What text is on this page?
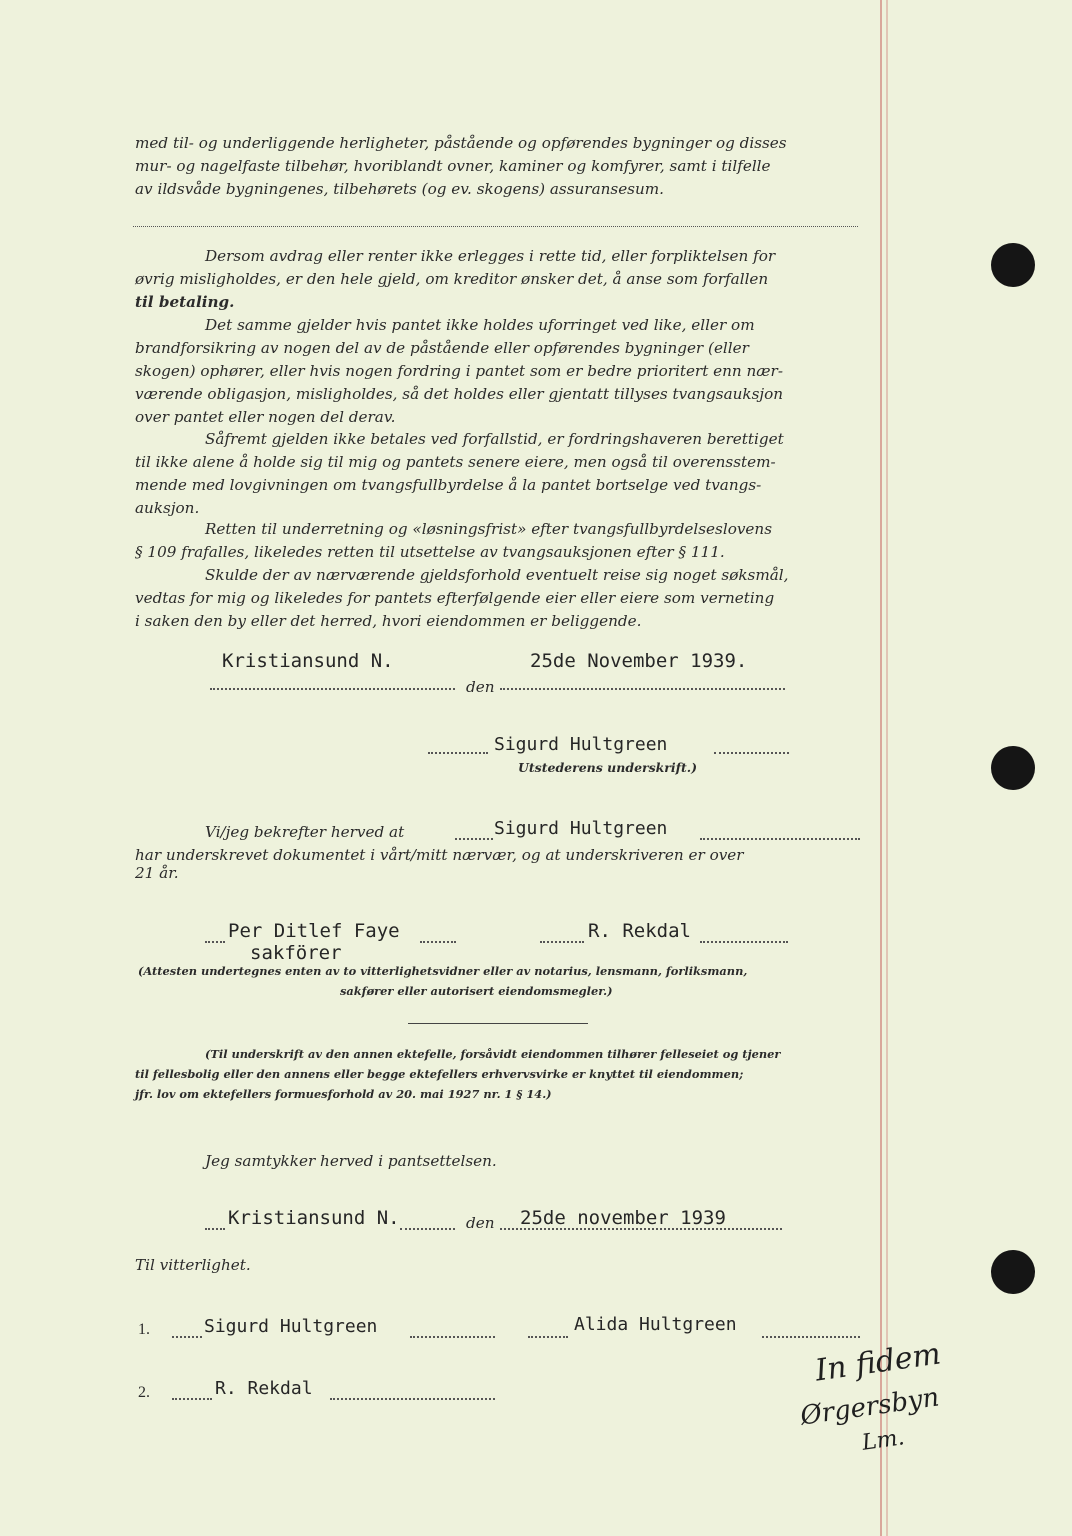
med til- og underliggende herligheter, påstående og opførendes bygninger og disses
mur- og nagelfaste tilbehør, hvoriblandt ovner, kaminer og komfyrer, samt i tilfelle
av ildsvåde bygningenes, tilbehørets (og ev. skogens) assuransesum.
Dersom avdrag eller renter ikke erlegges i rette tid, eller forpliktelsen for
øvrig misligholdes, er den hele gjeld, om kreditor ønsker det, å anse som forfallen
til betaling.
Det samme gjelder hvis pantet ikke holdes uforringet ved like, eller om
brandforsikring av nogen del av de påstående eller opførendes bygninger (eller
skogen) ophører, eller hvis nogen fordring i pantet som er bedre prioritert enn nær-
værende obligasjon, misligholdes, så det holdes eller gjentatt tillyses tvangsauksjon
over pantet eller nogen del derav.
Såfremt gjelden ikke betales ved forfallstid, er fordringshaveren berettiget
til ikke alene å holde sig til mig og pantets senere eiere, men også til overensstem-
mende med lovgivningen om tvangsfullbyrdelse å la pantet bortselge ved tvangs-
auksjon.
Retten til underretning og «løsningsfrist» efter tvangsfullbyrdelseslovens
§ 109 frafalles, likeledes retten til utsettelse av tvangsauksjonen efter § 111.
Skulde der av nærværende gjeldsforhold eventuelt reise sig noget søksmål,
vedtas for mig og likeledes for pantets efterfølgende eier eller eiere som verneting
i saken den by eller det herred, hvori eiendommen er beliggende.
Kristiansund N.	25de November 1939.
den
Sigurd Hultgreen
Utstederens underskrift.)
Vi/jeg bekrefter herved at	Sigurd Hultgreen
har underskrevet dokumentet i vårt/mitt nærvær, og at underskriveren er over
21 år.
Per Ditlef Faye
sakförer
R. Rekdal
(Attesten undertegnes enten av to vitterlighetsvidner eller av notarius, lensmann, forliksmann,
sakfører eller autorisert eiendomsmegler.)
(Til underskrift av den annen ektefelle, forsåvidt eiendommen tilhører felleseiet og tjener
til fellesbolig eller den annens eller begge ektefellers erhvervsvirke er knyttet til eiendommen;
jfr. lov om ektefellers formuesforhold av 20. mai 1927 nr. 1 § 14.)
Jeg samtykker herved i pantsettelsen.
Kristiansund N.	den 25de november 1939
Til vitterlighet.
1.	Sigurd Hultgreen	Alida Hultgreen
2.	R. Rekdal	In fidem
Ørgersbyn
Lm.
